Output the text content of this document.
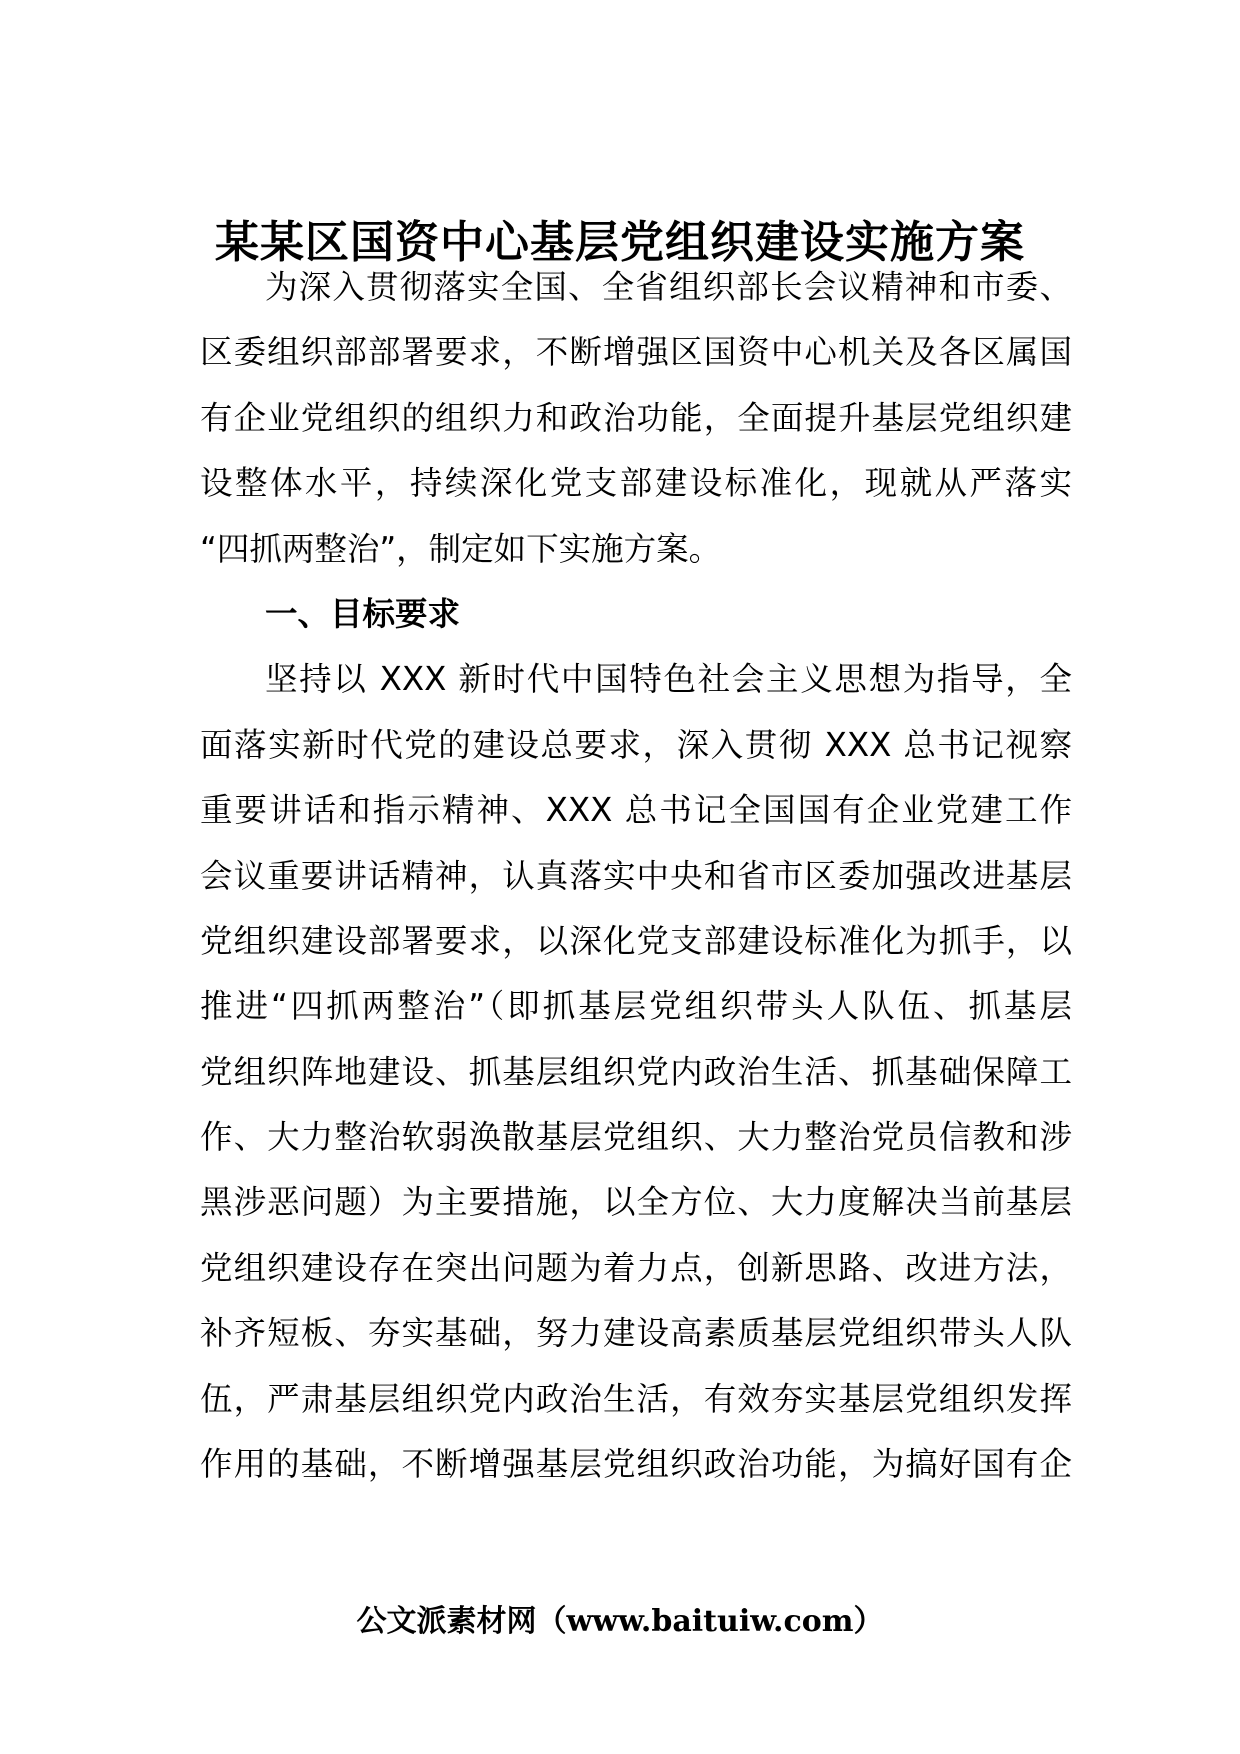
某某区国资中心基层党组织建设实施方案
为深入贯彻落实全国、全省组织部长会议精神和市委、
区委组织部部署要求，不断增强区国资中心机关及各区属国
有企业党组织的组织力和政治功能，全面提升基层党组织建
设整体水平，持续深化党支部建设标准化，现就从严落实
“四抓两整治”，制定如下实施方案。
一、目标要求
坚持以 XXX 新时代中国特色社会主义思想为指导，全
面落实新时代党的建设总要求，深入贯彻 XXX 总书记视察
重要讲话和指示精神、XXX 总书记全国国有企业党建工作
会议重要讲话精神，认真落实中央和省市区委加强改进基层
党组织建设部署要求，以深化党支部建设标准化为抓手，以
推进“四抓两整治”（即抓基层党组织带头人队伍、抓基层
党组织阵地建设、抓基层组织党内政治生活、抓基础保障工
作、大力整治软弱涣散基层党组织、大力整治党员信教和涉
黑涉恶问题）为主要措施，以全方位、大力度解决当前基层
党组织建设存在突出问题为着力点，创新思路、改进方法，
补齐短板、夯实基础，努力建设高素质基层党组织带头人队
伍，严肃基层组织党内政治生活，有效夯实基层党组织发挥
作用的基础，不断增强基层党组织政治功能，为搞好国有企
公文派素材网（www.baituiw.com）
